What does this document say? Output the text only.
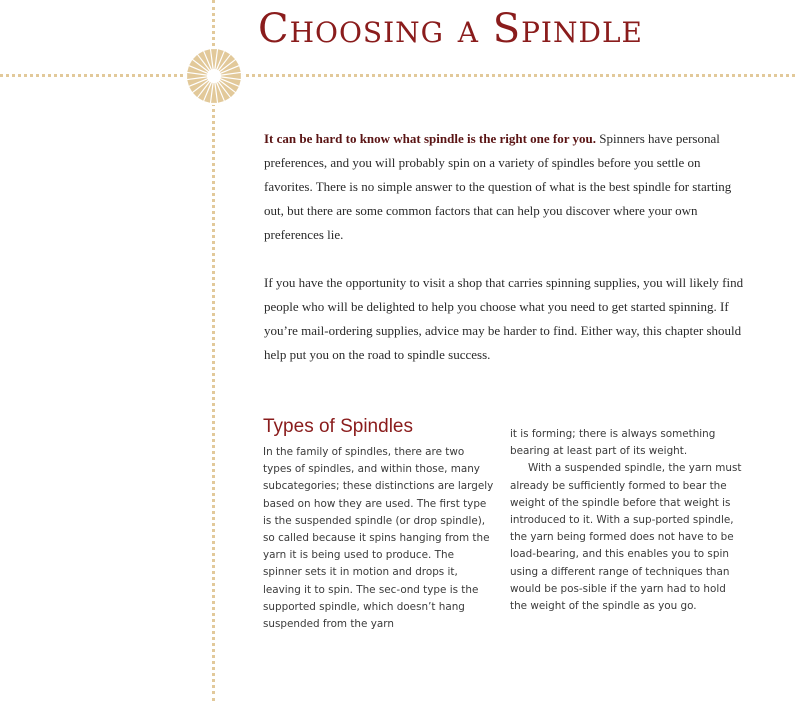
Choosing a Spindle

It can be hard to know what spindle is the right one for you. Spinners have personal preferences, and you will probably spin on a variety of spindles before you settle on favorites. There is no simple answer to the question of what is the best spindle for starting out, but there are some common factors that can help you discover where your own preferences lie.

If you have the opportunity to visit a shop that carries spinning supplies, you will likely find people who will be delighted to help you choose what you need to get started spinning. If you’re mail-ordering supplies, advice may be harder to find. Either way, this chapter should help put you on the road to spindle success.

Types of Spindles

In the family of spindles, there are two types of spindles, and within those, many subcategories; these distinctions are largely based on how they are used. The first type is the suspended spindle (or drop spindle), so called because it spins hanging from the yarn it is being used to produce. The spinner sets it in motion and drops it, leaving it to spin. The sec-ond type is the supported spindle, which doesn’t hang suspended from the yarn

it is forming; there is always something bearing at least part of its weight.

With a suspended spindle, the yarn must already be sufficiently formed to bear the weight of the spindle before that weight is introduced to it. With a sup-ported spindle, the yarn being formed does not have to be load-bearing, and this enables you to spin using a different range of techniques than would be pos-sible if the yarn had to hold the weight of the spindle as you go.
